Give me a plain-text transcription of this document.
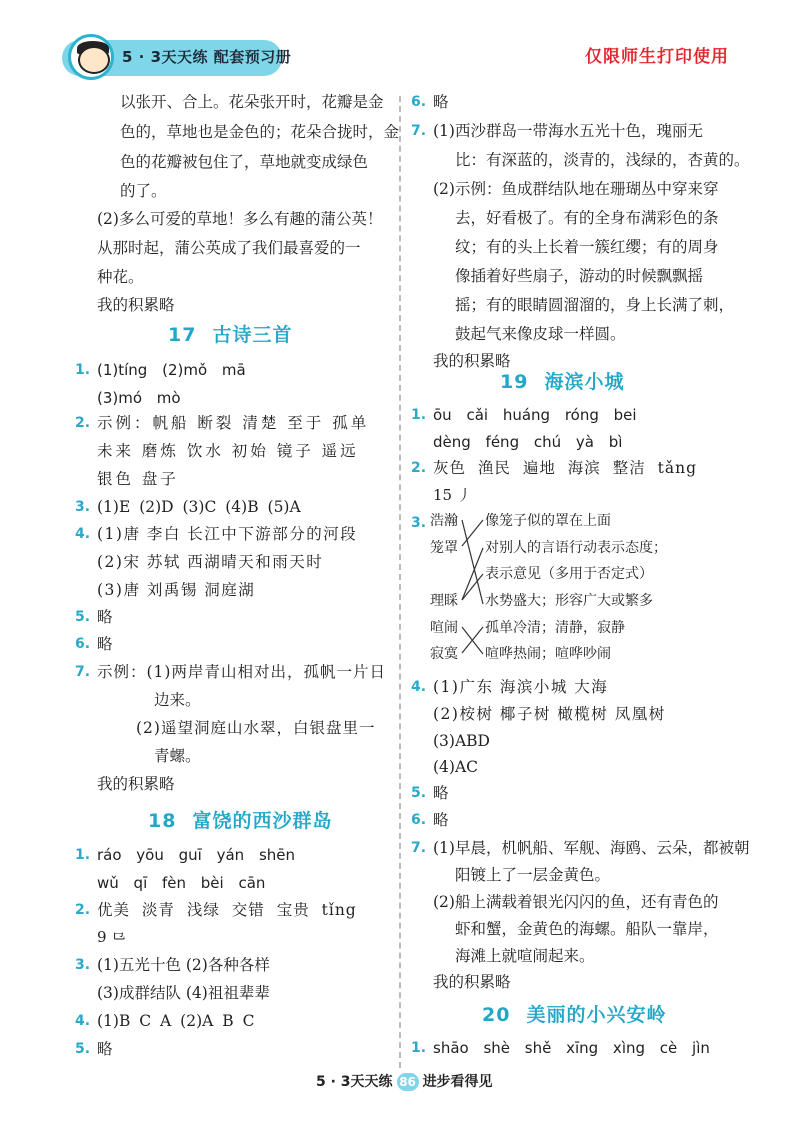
5 · 3天天练 配套预习册	仅限师生打印使用
以张开、合上。花朵张开时，花瓣是金
色的，草地也是金色的；花朵合拢时，金
色的花瓣被包住了，草地就变成绿色
的了。
(2)多么可爱的草地！多么有趣的蒲公英！
从那时起，蒲公英成了我们最喜爱的一
种花。
我的积累略
17 古诗三首
1. (1)tíng (2)mǒ mā
(3)mó mò
2. 示例：帆船 断裂 清楚 至于 孤单
未来 磨炼 饮水 初始 镜子 遥远
银色 盘子
3. (1)E (2)D (3)C (4)B (5)A
4. (1)唐 李白 长江中下游部分的河段
(2)宋 苏轼 西湖晴天和雨天时
(3)唐 刘禹锡 洞庭湖
5. 略
6. 略
7. 示例：(1)两岸青山相对出，孤帆一片日
边来。
(2)遥望洞庭山水翠，白银盘里一
青螺。
我的积累略
18 富饶的西沙群岛
1. ráo yōu guī yán shēn
wǔ qī fèn bèi cān
2. 优美 淡青 浅绿 交错 宝贵 tǐng
9 ⺋
3. (1)五光十色 (2)各种各样
(3)成群结队 (4)祖祖辈辈
4. (1)B C A (2)A B C
5. 略
6. 略
7. (1)西沙群岛一带海水五光十色，瑰丽无
比：有深蓝的，淡青的，浅绿的，杏黄的。
(2)示例：鱼成群结队地在珊瑚丛中穿来穿
去，好看极了。有的全身布满彩色的条
纹；有的头上长着一簇红缨；有的周身
像插着好些扇子，游动的时候飘飘摇
摇；有的眼睛圆溜溜的，身上长满了刺，
鼓起气来像皮球一样圆。
我的积累略
19 海滨小城
1. ōu cǎi huáng róng bei
dèng féng chú yà bì
2. 灰色 渔民 遍地 海滨 整洁 tǎng
15 丿
3. 浩瀚
笼罩
理睬
喧闹
寂寞
像笼子似的罩在上面
对别人的言语行动表示态度；
表示意见（多用于否定式）
水势盛大；形容广大或繁多
孤单冷清；清静，寂静
喧哗热闹；喧哗吵闹
4. (1)广东 海滨小城 大海
(2)桉树 椰子树 橄榄树 凤凰树
(3)ABD
(4)AC
5. 略
6. 略
7. (1)早晨，机帆船、军舰、海鸥、云朵，都被朝
阳镀上了一层金黄色。
(2)船上满载着银光闪闪的鱼，还有青色的
虾和蟹，金黄色的海螺。船队一靠岸，
海滩上就喧闹起来。
我的积累略
20 美丽的小兴安岭
1. shāo shè shě xīng xìng cè jìn
5 · 3天天练 86 进步看得见
